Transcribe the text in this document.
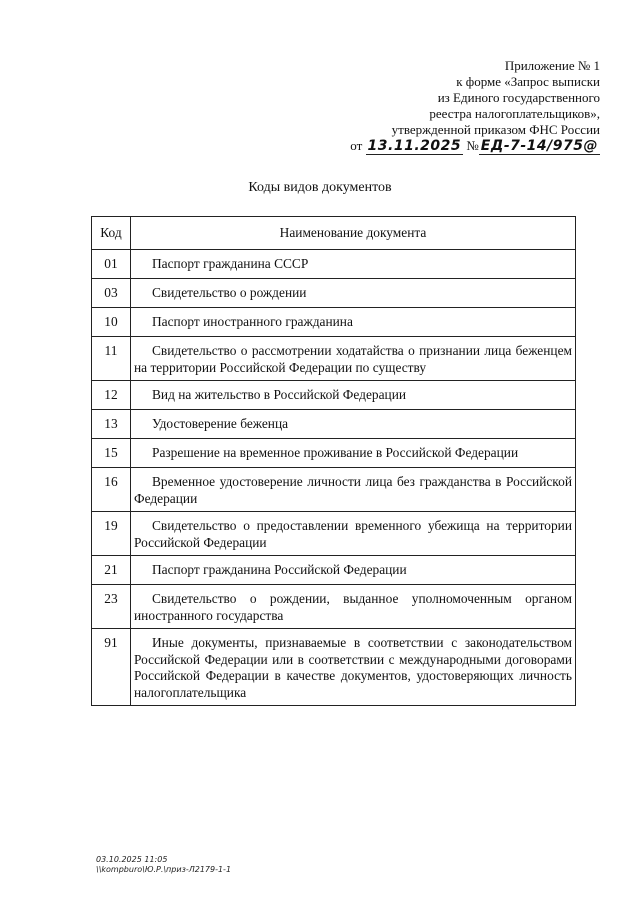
Приложение № 1
к форме «Запрос выписки
из Единого государственного
реестра налогоплательщиков»,
утвержденной приказом ФНС России
от 13.11.2025 № ЕД-7-14/975@
Коды видов документов
Код	Наименование документа
01	Паспорт гражданина СССР
03	Свидетельство о рождении
10	Паспорт иностранного гражданина
11	Свидетельство о рассмотрении ходатайства о признании лица беженцем на территории Российской Федерации по существу
12	Вид на жительство в Российской Федерации
13	Удостоверение беженца
15	Разрешение на временное проживание в Российской Федерации
16	Временное удостоверение личности лица без гражданства в Российской Федерации
19	Свидетельство о предоставлении временного убежища на территории Российской Федерации
21	Паспорт гражданина Российской Федерации
23	Свидетельство о рождении, выданное уполномоченным органом иностранного государства
91	Иные документы, признаваемые в соответствии с законодательством Российской Федерации или в соответствии с международными договорами Российской Федерации в качестве документов, удостоверяющих личность налогоплательщика
03.10.2025 11:05
\\kompburo\Ю.Р.\приз-Л2179-1-1
